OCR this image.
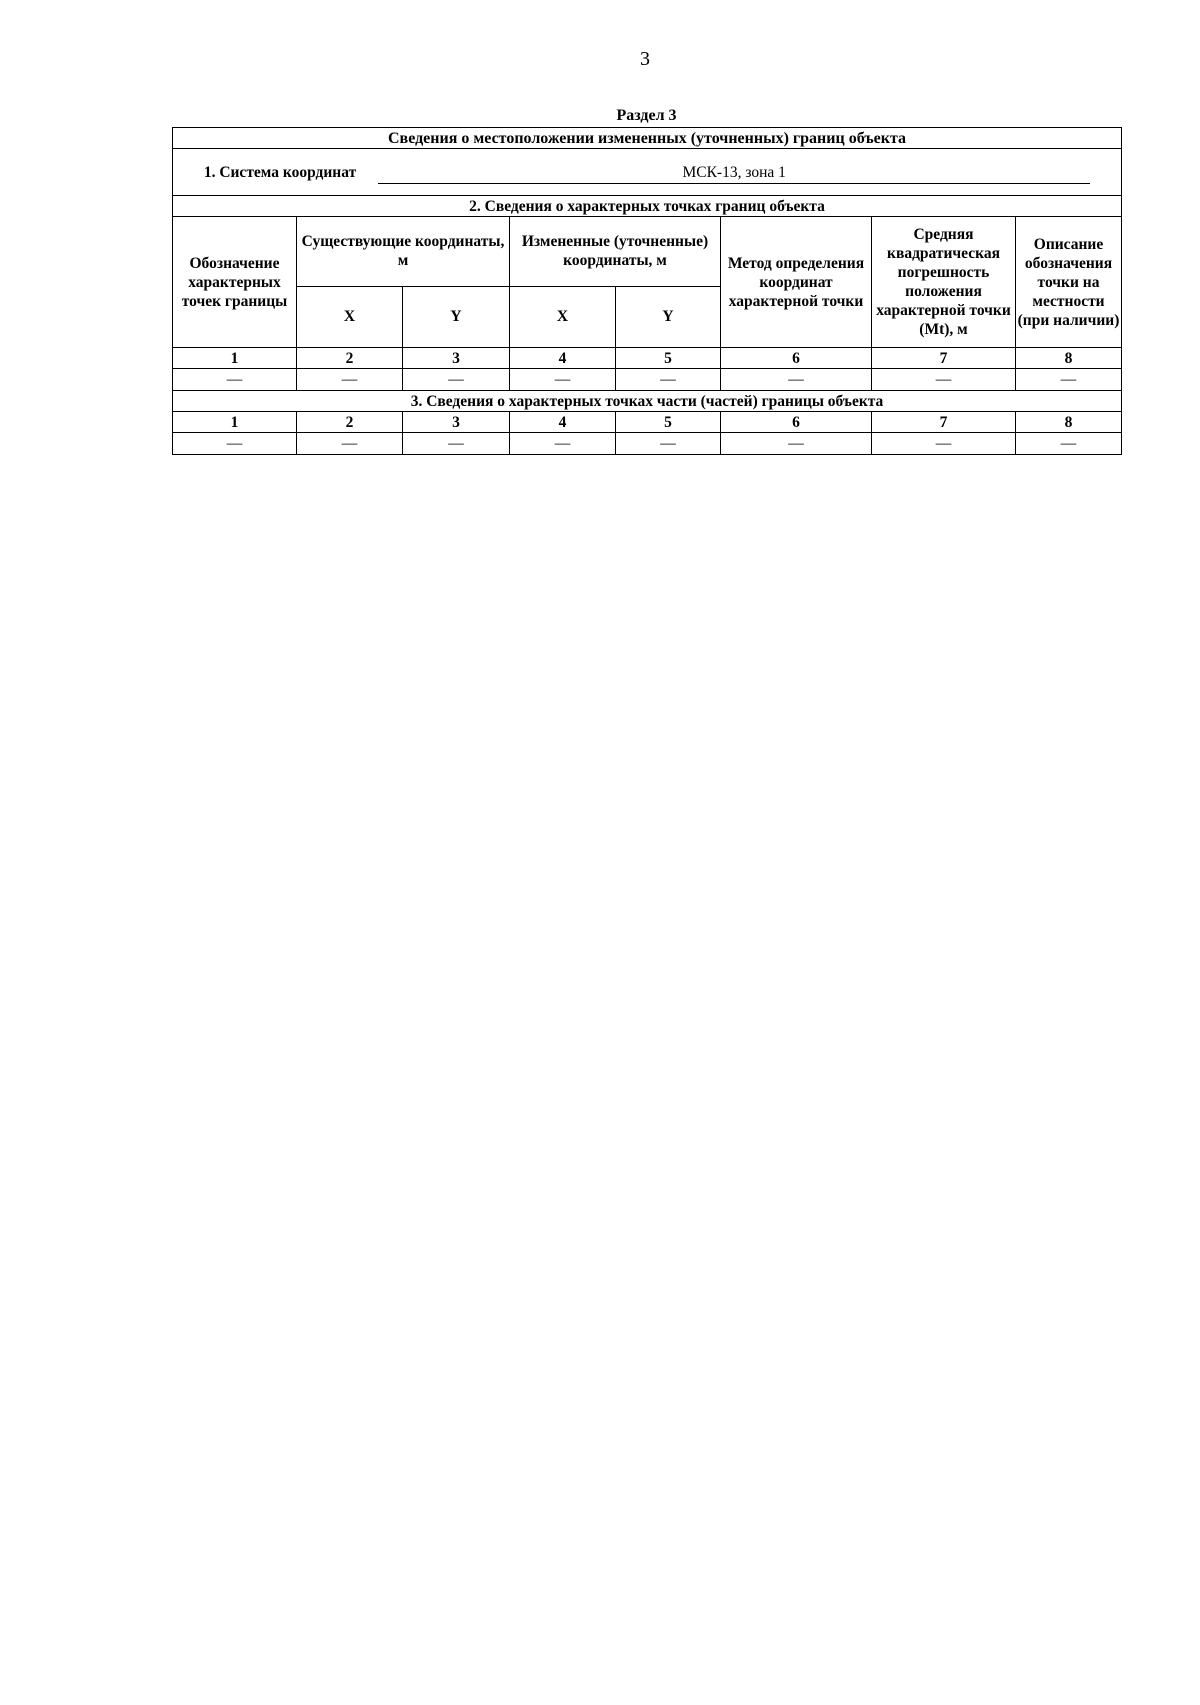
3
Раздел 3
Сведения о местоположении измененных (уточненных) границ объекта							
1. Система координат МСК-13, зона 1							
2. Сведения о характерных точках границ объекта							
Обозначение характерных точек границы	Существующие координаты, м		Измененные (уточненные) координаты, м		Метод определения координат характерной точки	Средняя квадратическая погрешность положения характерной точки (Mt), м	Описание обозначения точки на местности (при наличии)
	X	Y	X	Y			
1	2	3	4	5	6	7	8
—	—	—	—	—	—	—	—
3. Сведения о характерных точках части (частей) границы объекта							
1	2	3	4	5	6	7	8
—	—	—	—	—	—	—	—
